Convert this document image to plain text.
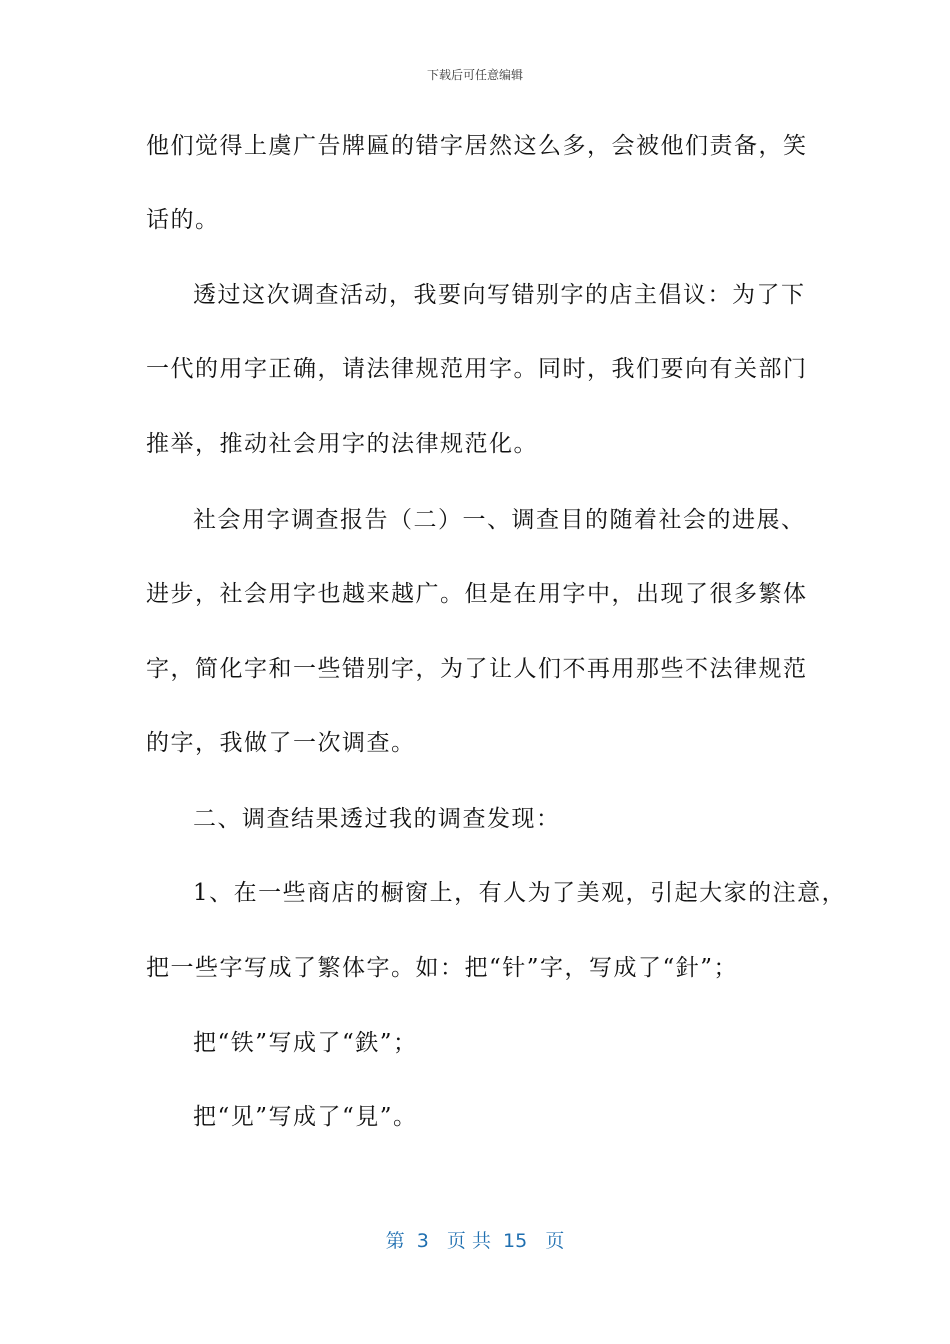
下载后可任意编辑
他们觉得上虞广告牌匾的错字居然这么多，会被他们责备，笑
话的。
透过这次调查活动，我要向写错别字的店主倡议：为了下
一代的用字正确，请法律规范用字。同时，我们要向有关部门
推举，推动社会用字的法律规范化。
社会用字调查报告（二）一、调查目的随着社会的进展、
进步，社会用字也越来越广。但是在用字中，出现了很多繁体
字，简化字和一些错别字，为了让人们不再用那些不法律规范
的字，我做了一次调查。
二、调查结果透过我的调查发现：
1、在一些商店的橱窗上，有人为了美观，引起大家的注意，
把一些字写成了繁体字。如：把“针”字，写成了“針”；
把“铁”写成了“鉄”；
把“见”写成了“見”。
第  3   页 共  15   页
